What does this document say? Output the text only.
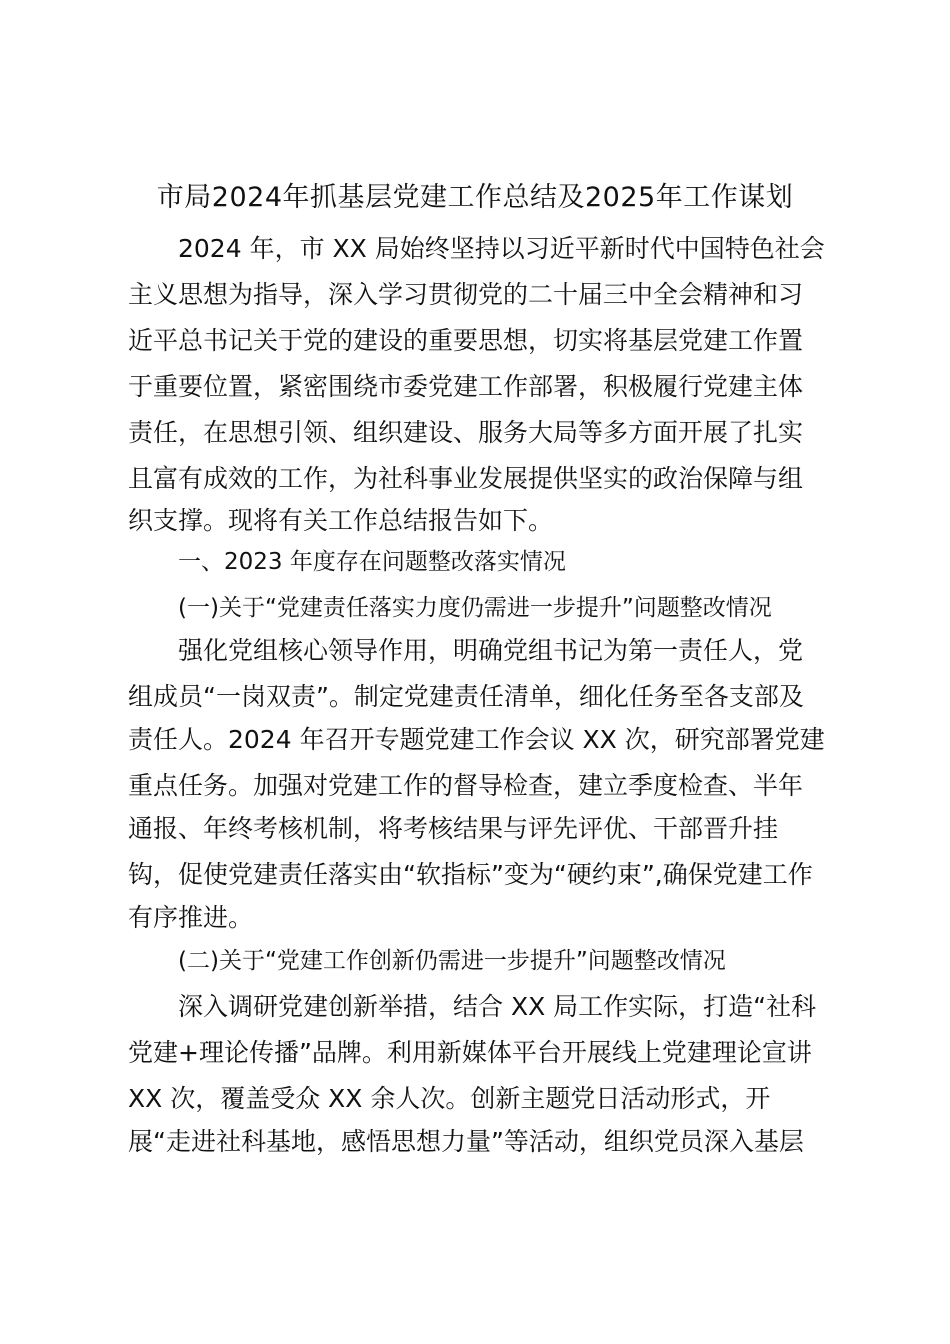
市局2024年抓基层党建工作总结及2025年工作谋划
2024 年，市 XX 局始终坚持以习近平新时代中国特色社会
主义思想为指导，深入学习贯彻党的二十届三中全会精神和习
近平总书记关于党的建设的重要思想，切实将基层党建工作置
于重要位置，紧密围绕市委党建工作部署，积极履行党建主体
责任，在思想引领、组织建设、服务大局等多方面开展了扎实
且富有成效的工作，为社科事业发展提供坚实的政治保障与组
织支撑。现将有关工作总结报告如下。
一、2023 年度存在问题整改落实情况
(一)关于“党建责任落实力度仍需进一步提升”问题整改情况
强化党组核心领导作用，明确党组书记为第一责任人，党
组成员“一岗双责”。制定党建责任清单，细化任务至各支部及
责任人。2024 年召开专题党建工作会议 XX 次，研究部署党建
重点任务。加强对党建工作的督导检查，建立季度检查、半年
通报、年终考核机制，将考核结果与评先评优、干部晋升挂
钩，促使党建责任落实由“软指标”变为“硬约束”,确保党建工作
有序推进。
(二)关于“党建工作创新仍需进一步提升”问题整改情况
深入调研党建创新举措，结合 XX 局工作实际，打造“社科
党建+理论传播”品牌。利用新媒体平台开展线上党建理论宣讲
XX 次，覆盖受众 XX 余人次。创新主题党日活动形式，开
展“走进社科基地，感悟思想力量”等活动，组织党员深入基层
